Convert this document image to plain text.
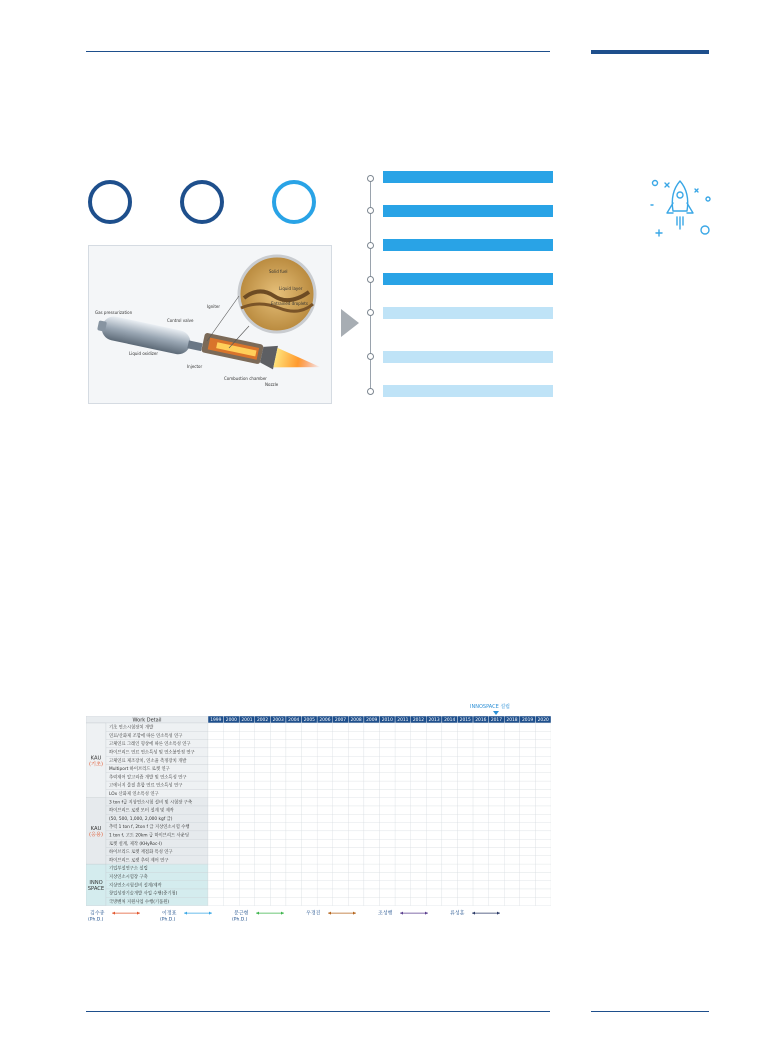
Gas pressurization
Control valve
Igniter
Liquid oxidizer
Injector
Combustion chamber
Nozzle
Solid fuel
Liquid layer
Entrained droplets
INNOSPACE 설립
Work Detail	1999 2000 2001 2002 2003 2004 2005 2006 2007 2008 2009 2010 2011 2012 2013 2014 2015 2016 2017 2018 2019 2020
KAU
(기초)
기초 연소시험장치 개발
연료/산화제 조합에 따른 연소특성 연구
고체연료 그레인 형상에 따른 연소특성 연구
하이브리드 연료 연소특성 및 연소불안정 연구
고체연료 제조장치, 연소율 측정장치 개발
Multiport 하이브리드 로켓 연구
추력제어 알고리즘 개발 및 연소특성 연구
고에너지 물질 혼합 연료 연소특성 연구
LOx 산화제 연소특성 연구
KAU
(응용)
3 ton f급 지상연소시험 설비 및 시험장 구축
하이브리드 로켓 모터 설계 및 제작
(50, 500, 1,000, 2,000 kgf 급)
추력 1 ton f, 2ton f 급 지상연소시험 수행
1 ton f, 고도 20km 급 하이브리드 사운딩
로켓 설계, 제작 (KHyRoc-I)
하이브리드 로켓 재점화 특성 연구
하이브리드 로켓 추력 제어 연구
INNO
SPACE
기업부설연구소 설립
지상연소시험장 구축
지상연소시험설비 설계/제작
창업성장기술개발 사업 수행(중기청)
국방벤처 지원사업 수행(기품원)
김수종
(Ph.D.)
이정표
(Ph.D.)
문근형
(Ph.D.)
우경진	조성행	류성훈
